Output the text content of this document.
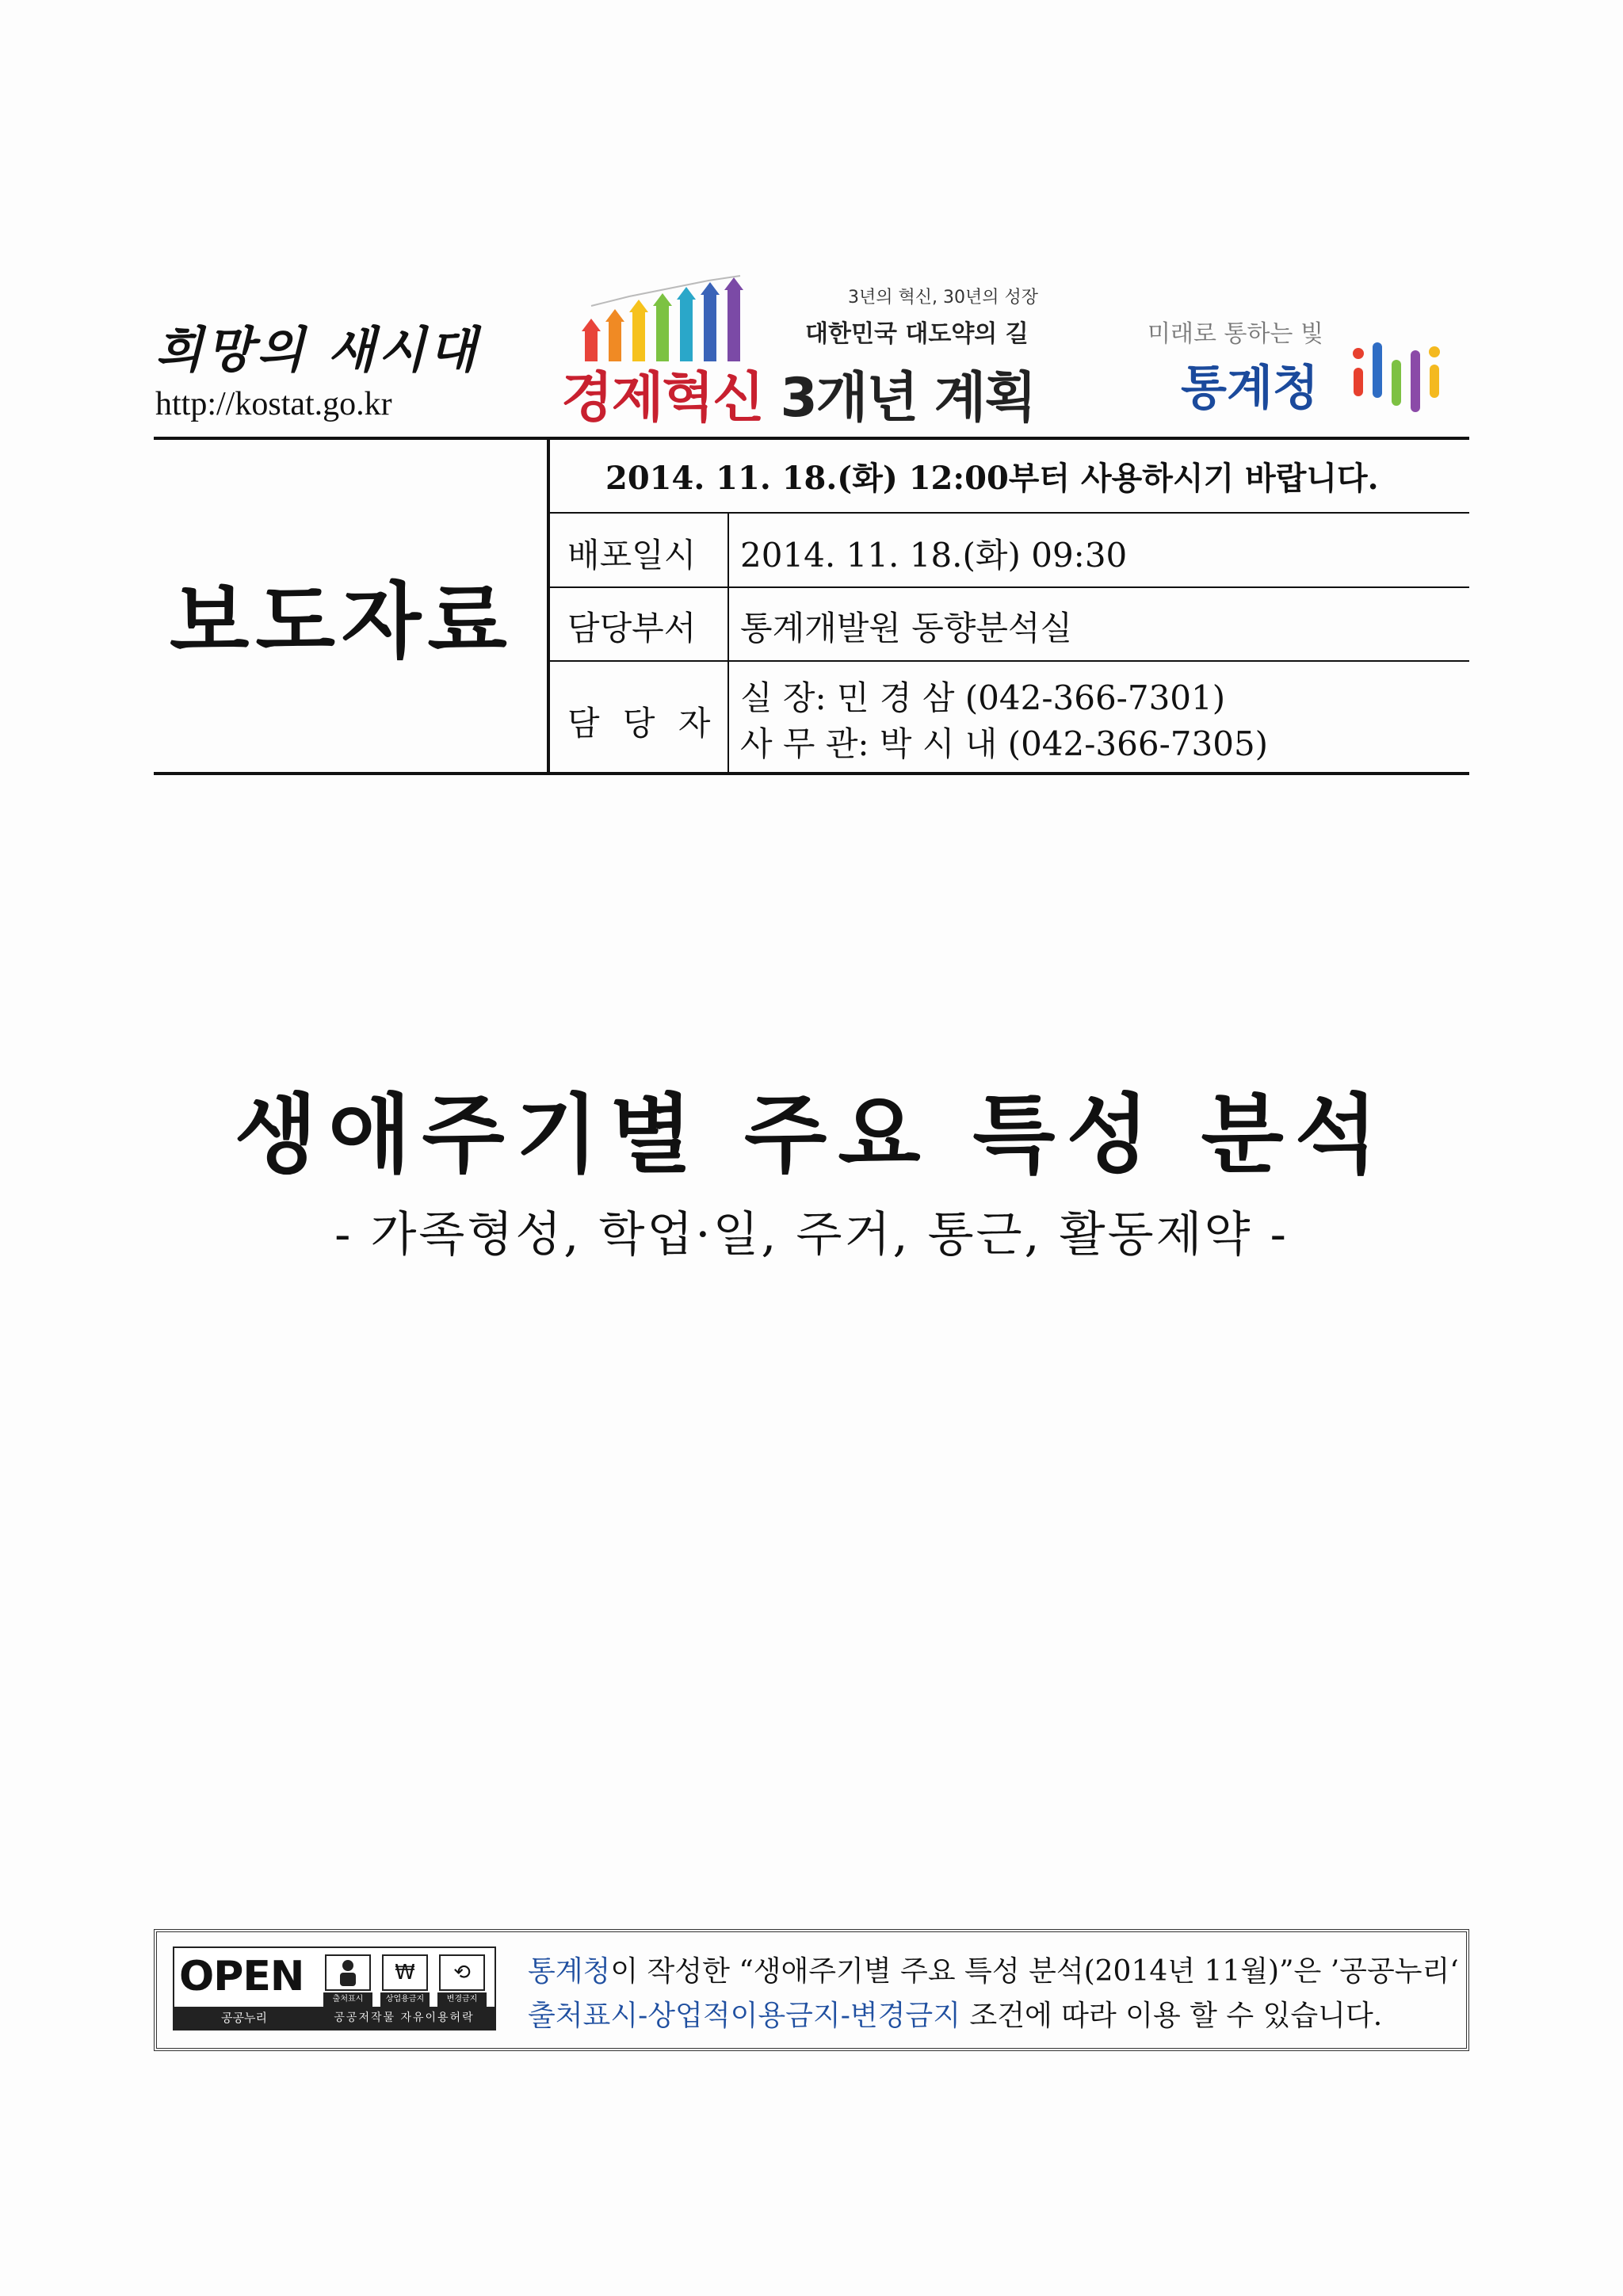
희망의 새시대
http://kostat.go.kr
3년의 혁신, 30년의 성장
대한민국 대도약의 길
경제혁신 3개년 계획
미래로 통하는 빛
통계청
보도자료
2014. 11. 18.(화) 12:00부터 사용하시기 바랍니다.
배포일시 2014. 11. 18.(화) 09:30
담당부서 통계개발원 동향분석실
담 당 자
실 장: 민 경 삼 (042-366-7301)
사 무 관: 박 시 내 (042-366-7305)
생애주기별 주요 특성 분석
- 가족형성, 학업·일, 주거, 통근, 활동제약 -
OPEN	출처표시
₩
상업용금지
⟲
변경금지
공공누리	공공저작물 자유이용허락
통계청이 작성한 “생애주기별 주요 특성 분석(2014년 11월)”은 ’공공누리‘
출처표시-상업적이용금지-변경금지 조건에 따라 이용 할 수 있습니다.
